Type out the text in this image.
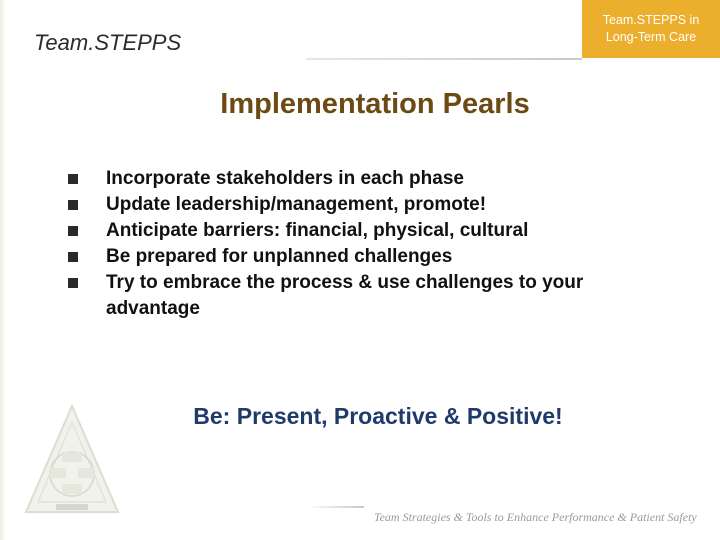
Team.STEPPS
Team.STEPPS in
Long-Term Care
Implementation Pearls
Incorporate stakeholders in each phase
Update leadership/management, promote!
Anticipate barriers: financial, physical, cultural
Be prepared for unplanned challenges
Try to embrace the process & use challenges to your advantage
Be: Present, Proactive & Positive!
Team Strategies & Tools to Enhance Performance & Patient Safety
